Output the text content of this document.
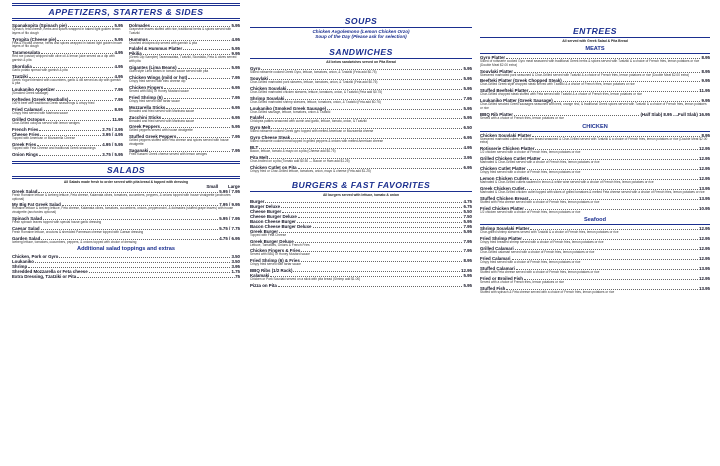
APPETIZERS, STARTERS & SIDES
Spanakopita (Spinach pie)	5.95
Spinach, feta cheese, herbs and spices wrapped in baked light golden brown layers of filo dough
Tyropita (Cheese pie)	5.95
Feta & Ricotta cheese, herbs and spices wrapped in baked light golden brown layers of filo dough
Taramosalata	4.95
Red roe (caviar) whipped with olive oil & lemon juice served as a dip with garnish & pita
Skordalia	4.95
Garlic potato spread with garnish & pita
Tzatziki	4.95
Greek Yogurt blended with cucumbers, garlic & dill served as dip with garnish & pita
Loukaniko Appetizer	7.95
(Smoked Greek sausage)
Keftedes (Greek Meatballs)	7.95
100% beef with traditional Greek seasonings & crispy fried
Fried Calamari	8.95
Crispy fried served with Marinara sauce
Grilled Octopus	11.95
Char-Grilled octopus served with lemon wedges
French Fries	2.75 / 3.95
Cheese Fries	3.95 / 4.95
Topped with American or Mozzarella Cheese
Greek Fries	4.95 / 5.95
Topped with Feta Cheese and traditional Greek seasonings
Onion Rings	3.75 / 5.95
Dolmades	5.95
Grapevine leaves stuffed with rice, traditional herbs & spices served with Tzatziki
Hummus	4.95
Crushed chickpea dip served with garnish & pita
Falafel & Hummus Platter	5.95
Pikilia	9.95
(Greek Dip Sampler) Taramosalata, Tzatziki, Skordalia, Feta & olives served with pita
Gigantes (Lima Beans)	5.95
Giant style Lima Beans in tomato sauce served with pita
Chicken Wings (mild or hot)	7.95
Crispy fried served with bleu cheese dip
Chicken Fingers	6.95
Served with BBQ or Honey Mustard sauce
Fried Shrimp (6)	7.95
Crispy fried served with tartar sauce
Mozzarella Sticks	6.95
Breaded and fried served with Marinara sauce
Zucchini Sticks	6.95
Breaded and fried served with Marinara sauce
Greek Peppers	5.95
Grilled peppers served with house vinaigrette
Stuffed Greek Peppers	7.95
Grilled peppers stuffed with Feta cheese and spices served with house vinaigrette
Saganaki	7.95
Fried Kasseri Greek cheese served with lemon wedges
SALADS
All Salads made fresh to order served with pita bread & topped with dressing
Small Large
Greek Salad	5.95 / 7.95
Fresh Romaine lettuce & iceberg lettuce, Feta cheese, Kalamata olives, tomatoes, cucumbers, peppers, & onions topped with house vinaigrette (anchovies optional)
My Big Fat Greek Salad	7.95 / 9.95
Romaine lettuce & iceberg lettuce, Feta cheese, Kalamata olives, tomatoes, cucumbers, onions, pepperoncini, & dolmades (stuffed grape leaves) with house vinaigrette (anchovies optional)
Spinach Salad	5.95 / 7.95
Fresh spinach leaves topped with special house garlic dressing
Caesar Salad	5.75 / 7.75
Fresh Romaine lettuce, croutons & shredded Parmesan cheese topped with Caesar dressing
Garden Salad	4.75 / 6.95
Iceberg lettuce, tomatoes, cucumbers, peppers, & onions topped with choice of dressing
Additional salad toppings and extras
Chicken, Pork or Gyro	3.50
Loukaniko	3.50
Shrimp	3.95
Shredded Mozzarella or Feta cheese	1.75
Extra Dressing, Tzatziki or Pita	.75
SOUPS
Chicken Avgolemono (Lemon Chicken Orzo)
Soup of the Day (Please ask for selection)
SANDWICHES
All below sandwiches served on Pita Bread
Gyro	5.95
Sliced rotisserie cooked Greek Gyro, lettuce, tomatoes, onion, & Tzatziki (Feta add $0.75)
Souvlaki	5.95
Char-Grilled marinated pork skewers, lettuce, tomatoes, onion, & Tzatziki (Feta add $0.75)
Chicken Souvlaki	5.95
Char-Grilled marinated chicken skewers, lettuce, tomatoes, onion, & Tzatziki (Feta add $0.75)
Shrimp Souvlaki	7.95
Char-Grilled marinated shrimp skewers, lettuce, tomatoes, onion, & Tzatziki (Feta add $0.75)
Loukaniko (Smoked Greek Sausage)	5.95
Char-Grilled sausage, lettuce, tomatoes, onion & Tzatziki
Falafel	5.95
Chickpea patties seasoned with cumin and garlic, lettuce, tomato, onion, & Tzatziki
Gyro Melt	6.50
Sliced rotisserie cooked Greek gyro topped with melted American or Mozzarella cheese
Gyro Cheese Steak	6.95
Sliced rotisserie cooked meat topped in grilled peppers & onions with melted American cheese
BLT	4.95
Bacon, lettuce, tomato & mayo on a pita (Cheese add $0.75)
Pita Melt	3.95
Char-broiled on a pita (Tomato add $0.50 — Bacon or Ham add $1.25)
Chicken Cutlet on Pita	6.95
Crispy fried or Char-Grilled lettuce, tomatoes, onion, mayo & cheese (Feta add $1.25)
BURGERS & FAST FAVORITES
All burgers served with lettuce, tomato & onion
Burger	4.75
Burger Deluxe	6.75
Cheese Burger	5.50
Cheese Burger Deluxe	7.50
Bacon Cheese Burger	5.95
Bacon Cheese Burger Deluxe	7.95
Greek Burger	5.95
Topped with Feta Cheese
Greek Burger Deluxe	7.95
Lettuce, Tomatoes, Onions & French Fries
Chicken Fingers & Fries	7.95
Served with BBQ or Honey Mustard sauce
Fried Shrimp (6) & Fries	8.95
Crispy fried served with tartar sauce
BBQ Ribs (1/2 Rack)	12.95
Kalamaki	5.95
Chicken or Pork Souvlaki served on a stick with pita bread (Shrimp add $1.00)
Pizza on Pita	5.95
ENTREES
All served with Greek Salad & Pita Bread
MEATS
Gyro Platter	8.95
Sliced of rotisserie cooked Gyro meat seasoned with traditional Greek herbs & spices served with Tzatziki & a choice of French fries, lemon potatoes or rice (Double Meat $2.00 extra)
Souvlaki Platter	8.95
Skewered marinated pork seasoned & Char-Grilled served with Tzatziki & a choice of French fries, lemon potatoes or rice (Double Meat $2.00 extra)
Beefteki Platter (Greek Chopped Steak)	9.95
Char-Grilled Greek style chopped steak served with Tzatziki & a choice of French fries, lemon potatoes or rice
Stuffed Beefteki Platter	11.95
Char-Grilled chopped steak stuffed with Feta served with Tzatziki & a choice of French fries, lemon potatoes or rice
Loukaniko Platter (Greek Sausage)	9.95
Char-Grilled smoked Greek sausages seasoned with leek, orange rind, & traditional Greek spices served with Tzatziki & a choice of French fries, lemon potatoes or rice
BBQ Rib Platter	(Half Slab) 8.95 ....Full Slab) 16.95
Served with a choice of French fries, lemon potatoes or rice
CHICKEN
Chicken Souvlaki Platter	8.95
Skewered marinated cubes of chicken breast seasoned & Char-Grilled served with Tzatziki & a choice of French fries, lemon potatoes or rice (Double Meat $2.00 extra)
Rotisserie Chicken Platter	12.95
1/2 chicken served with a choice of French fries, lemon potatoes or rice
Grilled Chicken Cutlet Platter	12.95
Marinated & Char-Grilled served with a choice of French fries, lemon potatoes or rice
Chicken Cutlet Platter	12.95
Crispy fried served with a choice of French fries, lemon potatoes or rice
Lemon Chicken Cutlets	12.95
Marinated & Char-Grilled cutlets sauteed in lemon & white wine served with a choice of French fries, lemon potatoes or rice
Greek Chicken Cutlet	13.95
Marinated & Char-Grilled chicken cutlet topped with slices of grilled tomatoes & melted Feta cheese served with a choice of French fries, lemon potatoes or rice
Stuffed Chicken Breast	13.95
Stuffed with Feta cheese served with a choice of French fries, lemon potatoes or rice
Fried Chicken Platter	10.95
1/2 chicken served with a choice of French fries, lemon potatoes or rice
Seafood
Shrimp Souvlaki Platter	12.95
Char-grilled shrimp skewers served with Tzatziki & a choice of French fries, lemon potatoes or rice
Fried Shrimp Platter	12.95
Crispy fried breaded shrimp served with a choice of French fries, lemon potatoes or rice
Grilled Calamari	12.95
Char-Grilled calamari served with a choice of French fries, lemon potatoes or rice
Fried Calamari	12.95
Crispy fried served with a choice of French fries, lemon potatoes or rice
Stuffed Calamari	13.95
Stuffed with Feta cheese served with a choice of French fries, lemon potatoes or rice
Fried or Broiled Fish	12.95
Served with a choice of French fries, lemon potatoes or rice
Stuffed Fish	13.95
Stuffed with spinach & Feta cheese served with a choice of French fries, lemon potatoes or rice
